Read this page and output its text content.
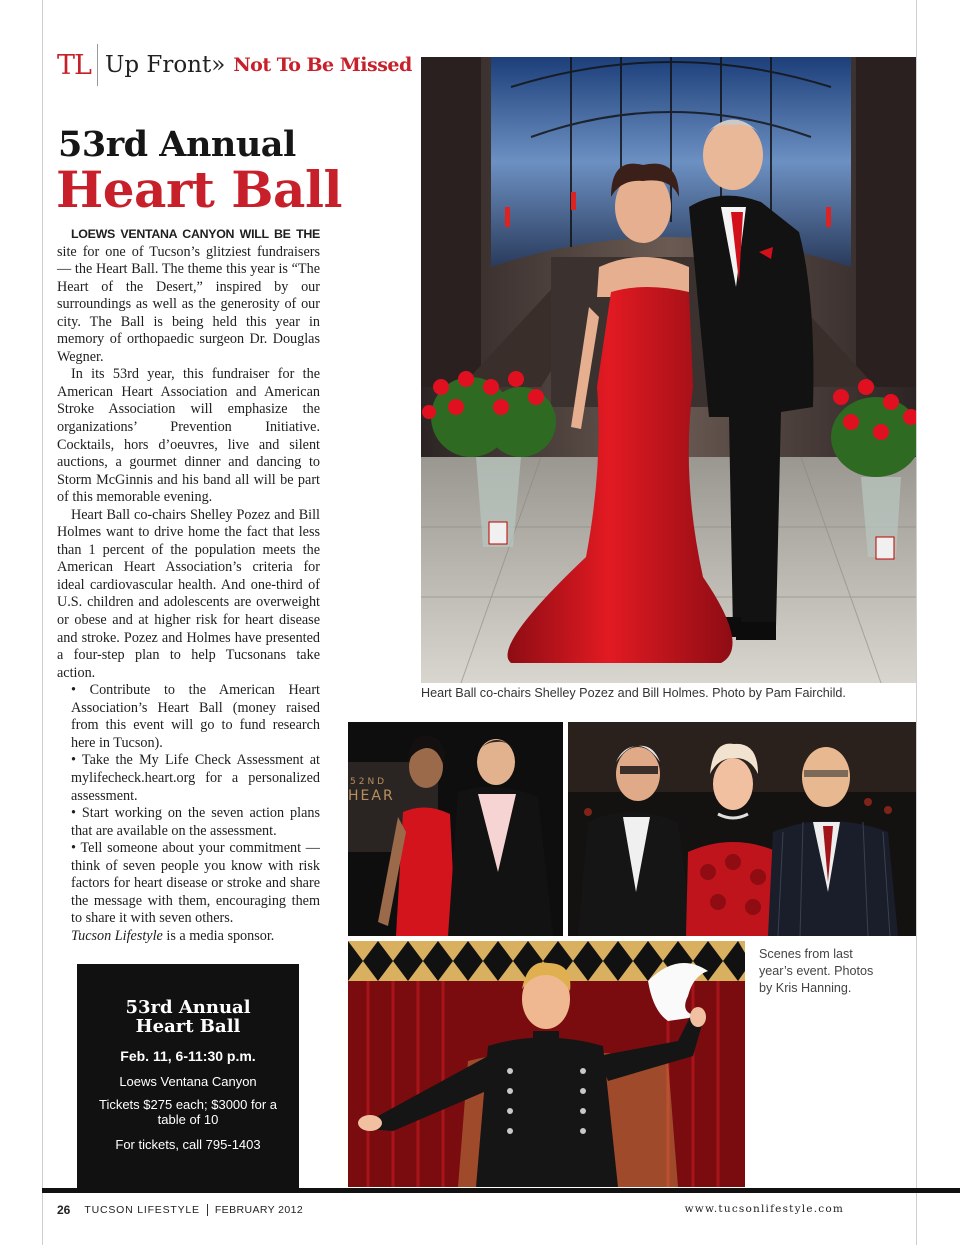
TL Up Front» Not To Be Missed
53rd Annual
Heart Ball

LOEWS VENTANA CANYON WILL BE THE site for one of Tucson’s glitziest fundraisers — the Heart Ball. The theme this year is “The Heart of the Desert,” inspired by our surroundings as well as the generosity of our city. The Ball is being held this year in memory of orthopaedic surgeon Dr. Douglas Wegner.

In its 53rd year, this fundraiser for the American Heart Association and American Stroke Association will emphasize the organizations’ Prevention Initiative. Cocktails, hors d’oeuvres, live and silent auctions, a gourmet dinner and dancing to Storm McGinnis and his band all will be part of this memorable evening.

Heart Ball co-chairs Shelley Pozez and Bill Holmes want to drive home the fact that less than 1 percent of the population meets the American Heart Association’s criteria for ideal cardiovascular health. And one-third of U.S. children and adolescents are overweight or obese and at higher risk for heart disease and stroke. Pozez and Holmes have presented a four-step plan to help Tucsonans take action.

• Contribute to the American Heart Association’s Heart Ball (money raised from this event will go to fund research here in Tucson).

• Take the My Life Check Assessment at mylifecheck.heart.org for a personalized assessment.

• Start working on the seven action plans that are available on the assessment.

• Tell someone about your commitment — think of seven people you know with risk factors for heart disease or stroke and share the message with them, encouraging them to share it with seven others.

Tucson Lifestyle is a media sponsor.

53rd Annual
Heart Ball
Feb. 11, 6-11:30 p.m.
Loews Ventana Canyon
Tickets $275 each; $3000 for a table of 10
For tickets, call 795-1403
Heart Ball co-chairs Shelley Pozez and Bill Holmes. Photo by Pam Fairchild.
52ND
HEAR
Scenes from last year’s event. Photos by Kris Hanning.
26 TUCSON LIFESTYLE FEBRUARY 2012	www.tucsonlifestyle.com
